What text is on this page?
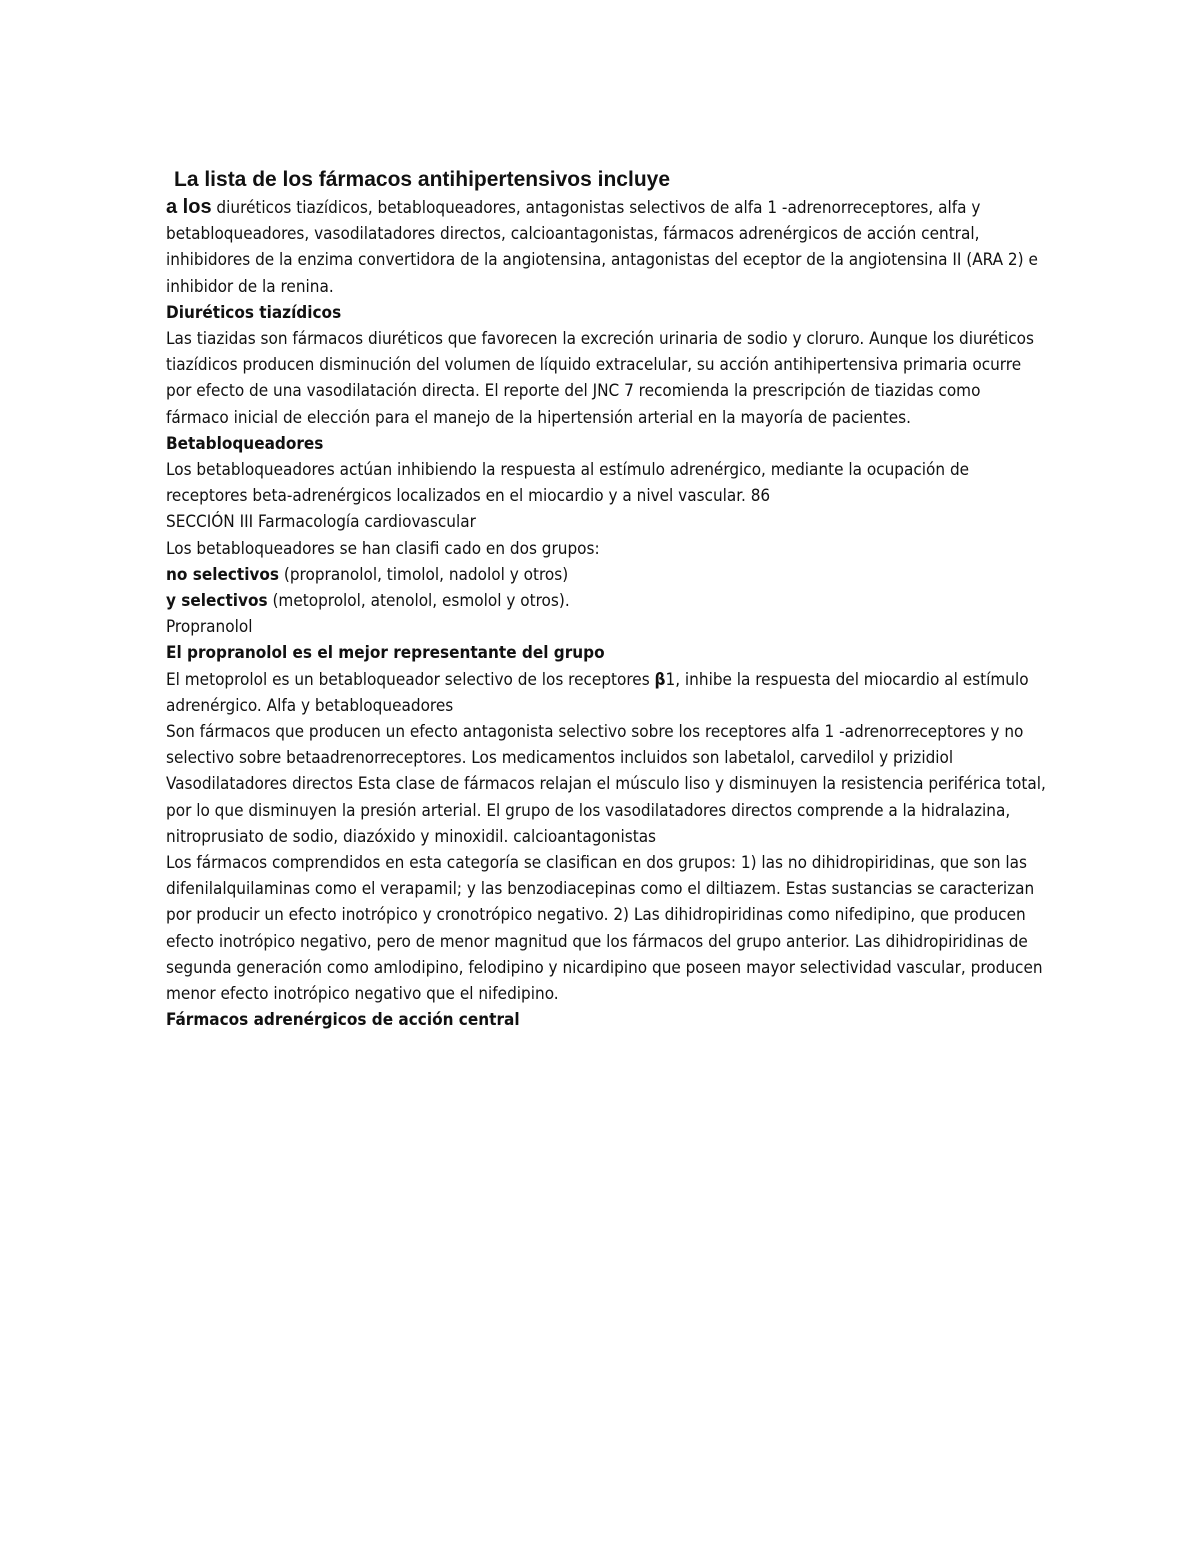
La lista de los fármacos antihipertensivos incluye

a los diuréticos tiazídicos, betabloqueadores, antagonistas selectivos de alfa 1 -adrenorreceptores, alfa y betabloqueadores, vasodilatadores directos, calcioantagonistas, fármacos adrenérgicos de acción central, inhibidores de la enzima convertidora de la angiotensina, antagonistas del eceptor de la angiotensina II (ARA 2) e inhibidor de la renina.

Diuréticos tiazídicos

Las tiazidas son fármacos diuréticos que favorecen la excreción urinaria de sodio y cloruro. Aunque los diuréticos tiazídicos producen disminución del volumen de líquido extracelular, su acción antihipertensiva primaria ocurre por efecto de una vasodilatación directa. El reporte del JNC 7 recomienda la prescripción de tiazidas como fármaco inicial de elección para el manejo de la hipertensión arterial en la mayoría de pacientes.

Betabloqueadores

Los betabloqueadores actúan inhibiendo la respuesta al estímulo adrenérgico, mediante la ocupación de receptores beta-adrenérgicos localizados en el miocardio y a nivel vascular. 86

SECCIÓN III Farmacología cardiovascular

Los betabloqueadores se han clasifi cado en dos grupos:

no selectivos (propranolol, timolol, nadolol y otros)

y selectivos (metoprolol, atenolol, esmolol y otros).

Propranolol

El propranolol es el mejor representante del grupo

El metoprolol es un betabloqueador selectivo de los receptores β1, inhibe la respuesta del miocardio al estímulo adrenérgico. Alfa y betabloqueadores

Son fármacos que producen un efecto antagonista selectivo sobre los receptores alfa 1 -adrenorreceptores y no selectivo sobre betaadrenorreceptores. Los medicamentos incluidos son labetalol, carvedilol y prizidiol Vasodilatadores directos Esta clase de fármacos relajan el músculo liso y disminuyen la resistencia periférica total, por lo que disminuyen la presión arterial. El grupo de los vasodilatadores directos comprende a la hidralazina, nitroprusiato de sodio, diazóxido y minoxidil. calcioantagonistas

Los fármacos comprendidos en esta categoría se clasifican en dos grupos: 1) las no dihidropiridinas, que son las difenilalquilaminas como el verapamil; y las benzodiacepinas como el diltiazem. Estas sustancias se caracterizan por producir un efecto inotrópico y cronotrópico negativo. 2) Las dihidropiridinas como nifedipino, que producen efecto inotrópico negativo, pero de menor magnitud que los fármacos del grupo anterior. Las dihidropiridinas de segunda generación como amlodipino, felodipino y nicardipino que poseen mayor selectividad vascular, producen menor efecto inotrópico negativo que el nifedipino.

Fármacos adrenérgicos de acción central
